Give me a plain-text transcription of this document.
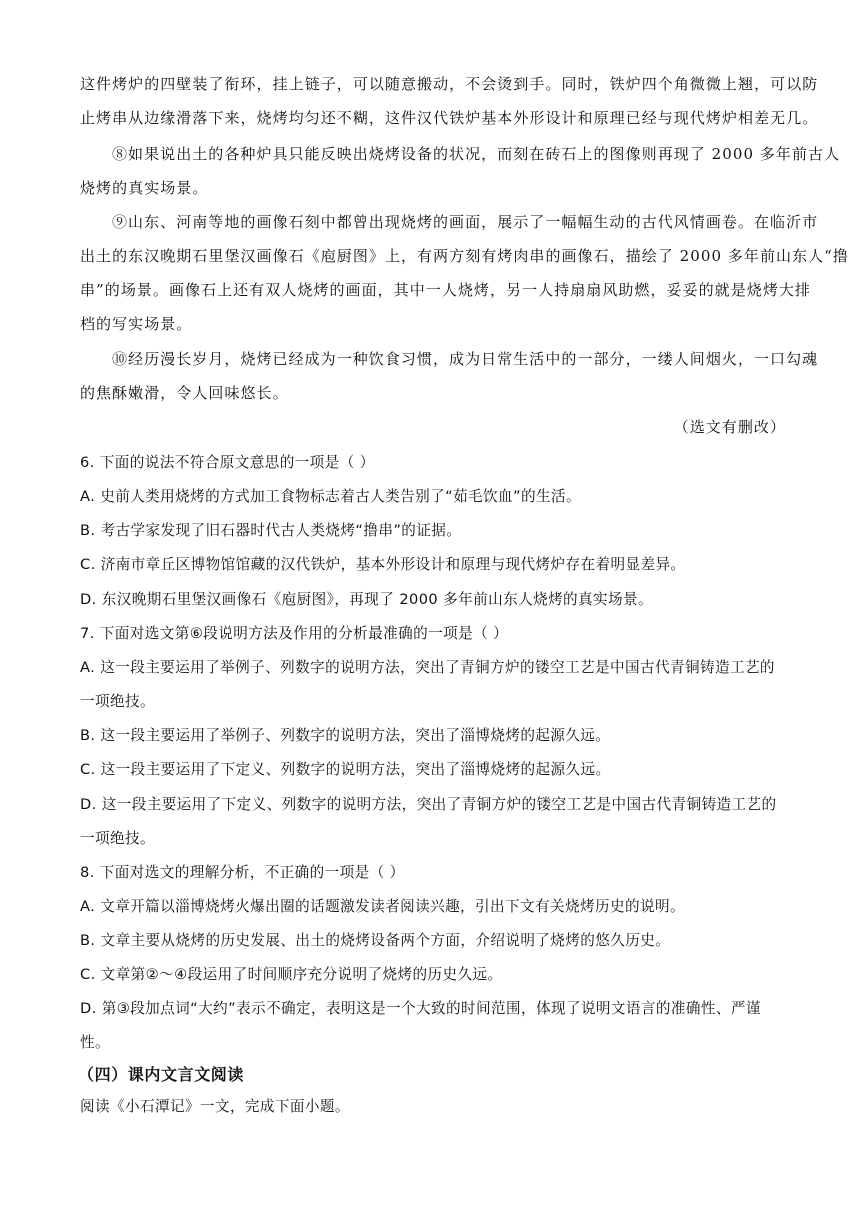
这件烤炉的四壁装了衔环，挂上链子，可以随意搬动，不会烫到手。同时，铁炉四个角微微上翘，可以防
止烤串从边缘滑落下来，烧烤均匀还不糊，这件汉代铁炉基本外形设计和原理已经与现代烤炉相差无几。
⑧如果说出土的各种炉具只能反映出烧烤设备的状况，而刻在砖石上的图像则再现了 2000 多年前古人
烧烤的真实场景。
⑨山东、河南等地的画像石刻中都曾出现烧烤的画面，展示了一幅幅生动的古代风情画卷。在临沂市
出土的东汉晚期石里堡汉画像石《庖厨图》上，有两方刻有烤肉串的画像石，描绘了 2000 多年前山东人“撸
串”的场景。画像石上还有双人烧烤的画面，其中一人烧烤，另一人持扇扇风助燃，妥妥的就是烧烤大排
档的写实场景。
⑩经历漫长岁月，烧烤已经成为一种饮食习惯，成为日常生活中的一部分，一缕人间烟火，一口勾魂
的焦酥嫩滑，令人回味悠长。
（选文有删改）
6. 下面的说法不符合原文意思的一项是（ ）
A. 史前人类用烧烤的方式加工食物标志着古人类告别了“茹毛饮血”的生活。
B. 考古学家发现了旧石器时代古人类烧烤“撸串”的证据。
C. 济南市章丘区博物馆馆藏的汉代铁炉，基本外形设计和原理与现代烤炉存在着明显差异。
D. 东汉晚期石里堡汉画像石《庖厨图》，再现了 2000 多年前山东人烧烤的真实场景。
7. 下面对选文第⑥段说明方法及作用的分析最准确的一项是（ ）
A. 这一段主要运用了举例子、列数字的说明方法，突出了青铜方炉的镂空工艺是中国古代青铜铸造工艺的
一项绝技。
B. 这一段主要运用了举例子、列数字的说明方法，突出了淄博烧烤的起源久远。
C. 这一段主要运用了下定义、列数字的说明方法，突出了淄博烧烤的起源久远。
D. 这一段主要运用了下定义、列数字的说明方法，突出了青铜方炉的镂空工艺是中国古代青铜铸造工艺的
一项绝技。
8. 下面对选文的理解分析，不正确的一项是（ ）
A. 文章开篇以淄博烧烤火爆出圈的话题激发读者阅读兴趣，引出下文有关烧烤历史的说明。
B. 文章主要从烧烤的历史发展、出土的烧烤设备两个方面，介绍说明了烧烤的悠久历史。
C. 文章第②～④段运用了时间顺序充分说明了烧烤的历史久远。
D. 第③段加点词“大约”表示不确定，表明这是一个大致的时间范围，体现了说明文语言的准确性、严谨
性。
（四）课内文言文阅读
阅读《小石潭记》一文，完成下面小题。
